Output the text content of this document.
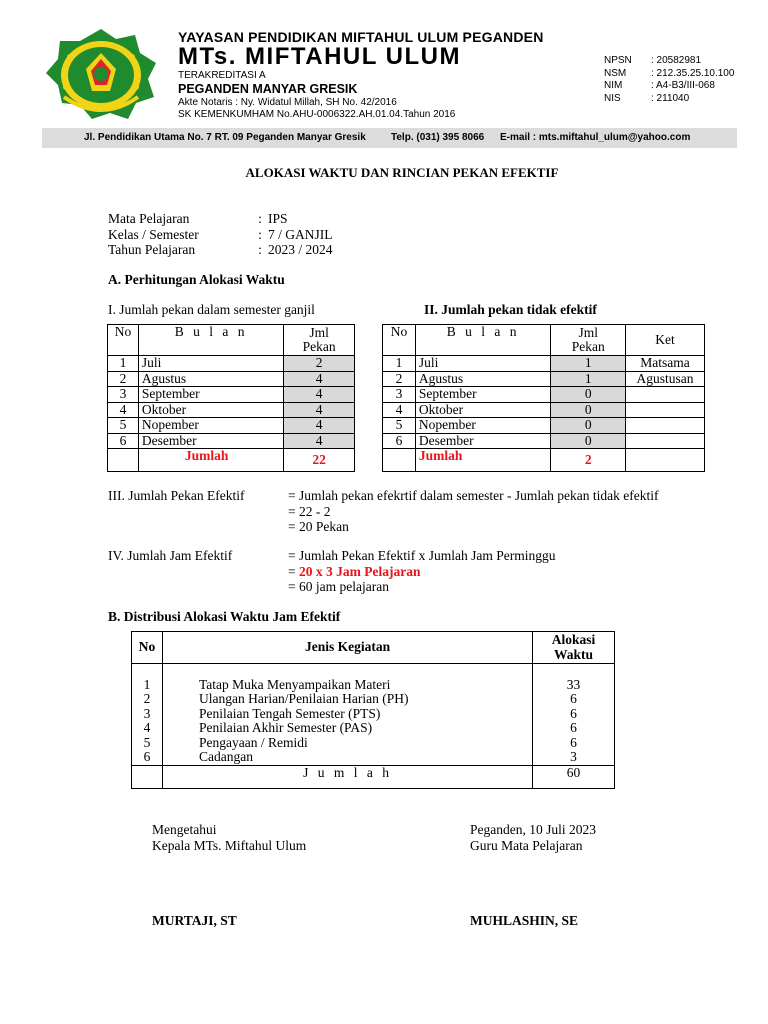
YAYASAN PENDIDIKAN MIFTAHUL ULUM PEGANDEN
MTs. MIFTAHUL ULUM
TERAKREDITASI A
PEGANDEN MANYAR GRESIK
Akte Notaris : Ny. Widatul Millah, SH No. 42/2016
SK KEMENKUMHAM No.AHU-0006322.AH.01.04.Tahun 2016
NPSN	: 20582981
NSM	: 212.35.25.10.100
NIM	: A4-B3/III-068
NIS	: 211040
Jl. Pendidikan Utama No. 7 RT. 09 Peganden Manyar Gresik	Telp. (031) 395 8066 E-mail : mts.miftahul_ulum@yahoo.com
ALOKASI WAKTU DAN RINCIAN PEKAN EFEKTIF
Mata Pelajaran	: IPS
Kelas / Semester	: 7 / GANJIL
Tahun Pelajaran	: 2023 / 2024
A. Perhitungan Alokasi Waktu
I. Jumlah pekan dalam semester ganjil	II. Jumlah pekan tidak efektif
No	B u l a n	Jml
Pekan
1	Juli	2
2	Agustus	4
3	September	4
4	Oktober	4
5	Nopember	4
6	Desember	4
	Jumlah	22
No	B u l a n	Jml
Pekan	Ket
1	Juli	1	Matsama
2	Agustus	1	Agustusan
3	September	0	
4	Oktober	0	
5	Nopember	0	
6	Desember	0	
	Jumlah	2	
III. Jumlah Pekan Efektif	= Jumlah pekan efekrtif dalam semester - Jumlah pekan tidak efektif
= 22 - 2
= 20 Pekan
IV. Jumlah Jam Efektif	= Jumlah Pekan Efektif x Jumlah Jam Perminggu
=
20 x 3 Jam Pelajaran
= 60 jam pelajaran
B. Distribusi Alokasi Waktu Jam Efektif
No	Jenis Kegiatan	Alokasi
Waktu

1	Tatap Muka Menyampaikan Materi	33
2	Ulangan Harian/Penilaian Harian (PH)	6
3	Penilaian Tengah Semester (PTS)	6
4	Penilaian Akhir Semester (PAS)	6
5	Pengayaan / Remidi	6
6	Cadangan	3
	J u m l a h	60
Mengetahui
Kepala MTs. Miftahul Ulum
Peganden, 10 Juli 2023
Guru Mata Pelajaran
MURTAJI, ST	MUHLASHIN, SE
